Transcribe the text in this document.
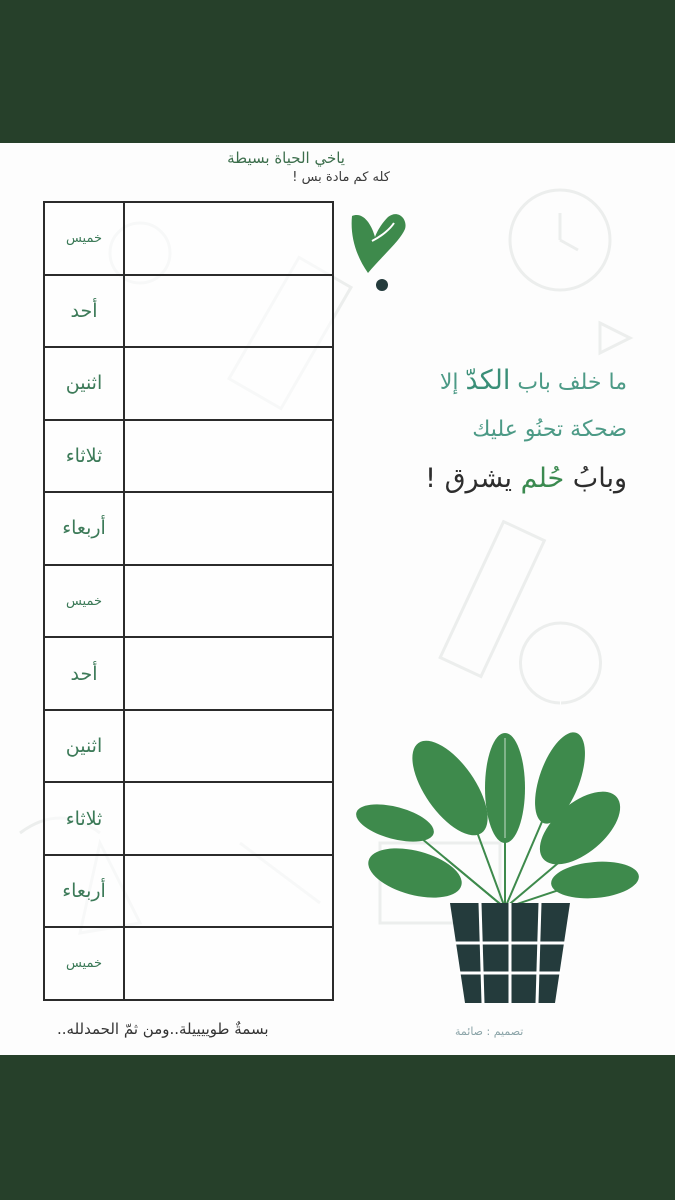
ياخي الحياة بسيطة
كله كم مادة بس !
خميس
أحد
اثنين
ثلاثاء
أربعاء
خميس
أحد
اثنين
ثلاثاء
أربعاء
خميس
ما خلف باب الكدّ إلا
ضحكة تحنُو عليك
وبابُ حُلم يشرق !
بسمةٌ طوييييلة..ومن ثمّ الحمدلله..	تصميم : صائمة
